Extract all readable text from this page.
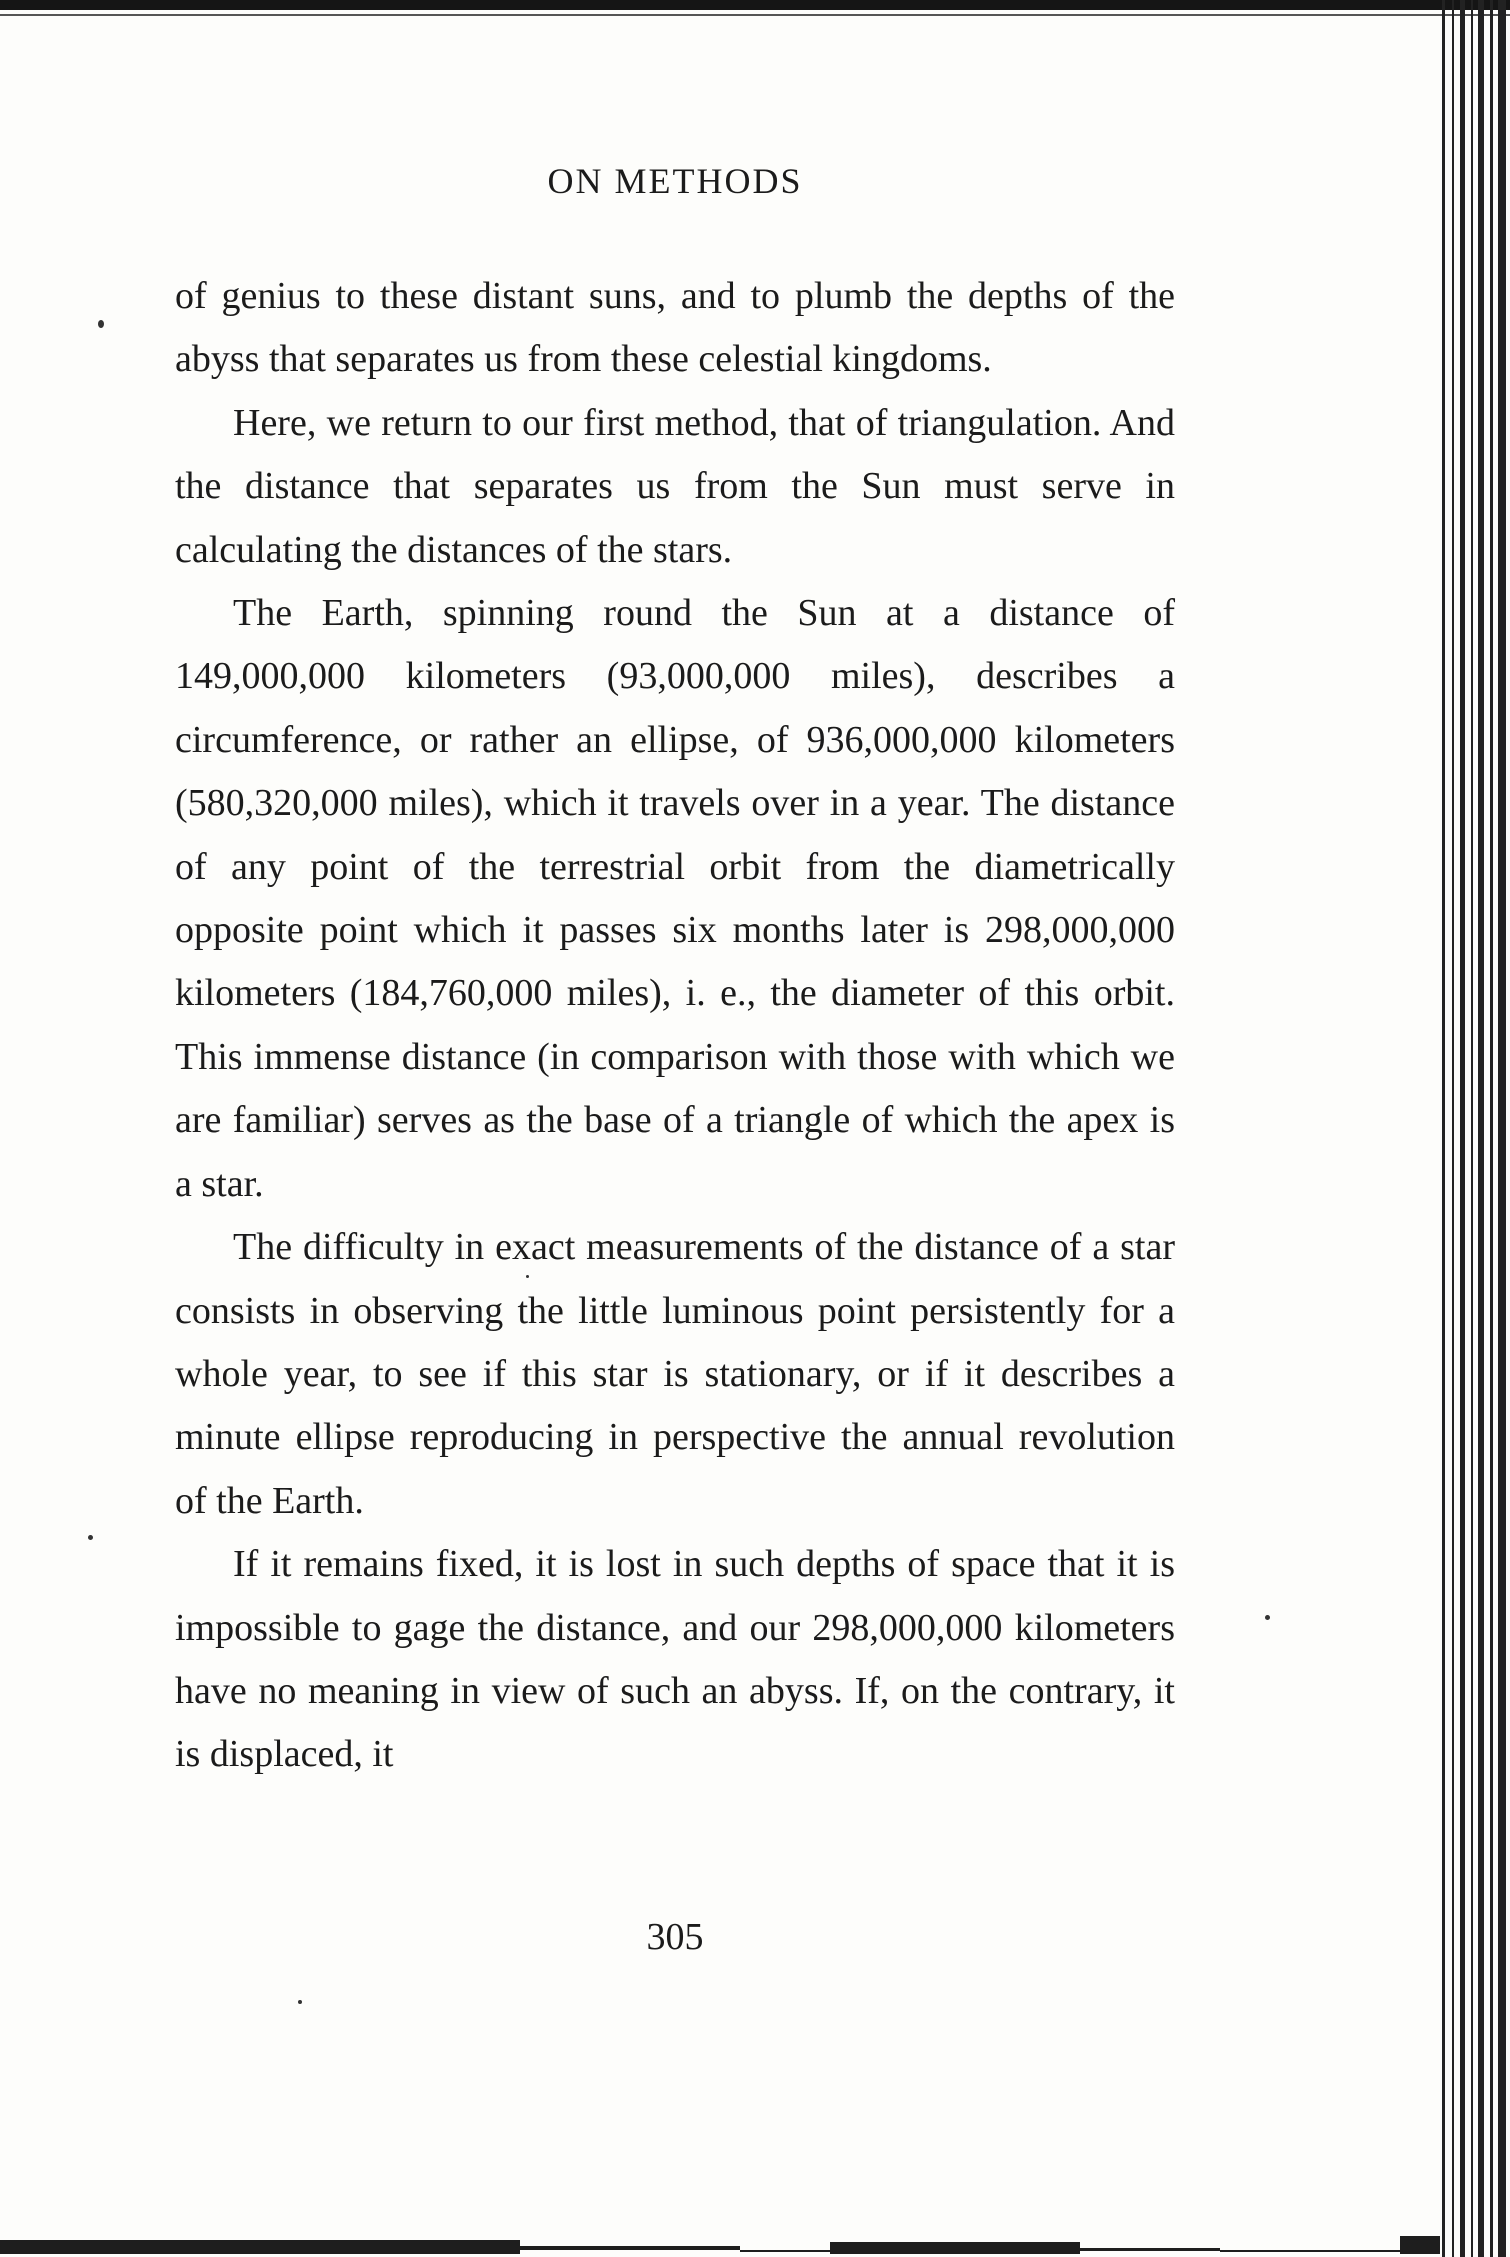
ON METHODS

of genius to these distant suns, and to plumb the depths of the abyss that separates us from these celestial kingdoms.

Here, we return to our first method, that of triangulation. And the distance that separates us from the Sun must serve in calculating the distances of the stars.

The Earth, spinning round the Sun at a distance of 149,000,000 kilometers (93,000,000 miles), describes a circumference, or rather an ellipse, of 936,000,000 kilometers (580,320,000 miles), which it travels over in a year. The distance of any point of the terrestrial orbit from the diametrically opposite point which it passes six months later is 298,000,000 kilometers (184,760,000 miles), i. e., the diameter of this orbit. This immense distance (in comparison with those with which we are familiar) serves as the base of a triangle of which the apex is a star.

The difficulty in exact measurements of the distance of a star consists in observing the little luminous point persistently for a whole year, to see if this star is stationary, or if it describes a minute ellipse reproducing in perspective the annual revolution of the Earth.

If it remains fixed, it is lost in such depths of space that it is impossible to gage the distance, and our 298,000,000 kilometers have no meaning in view of such an abyss. If, on the contrary, it is displaced, it

305
